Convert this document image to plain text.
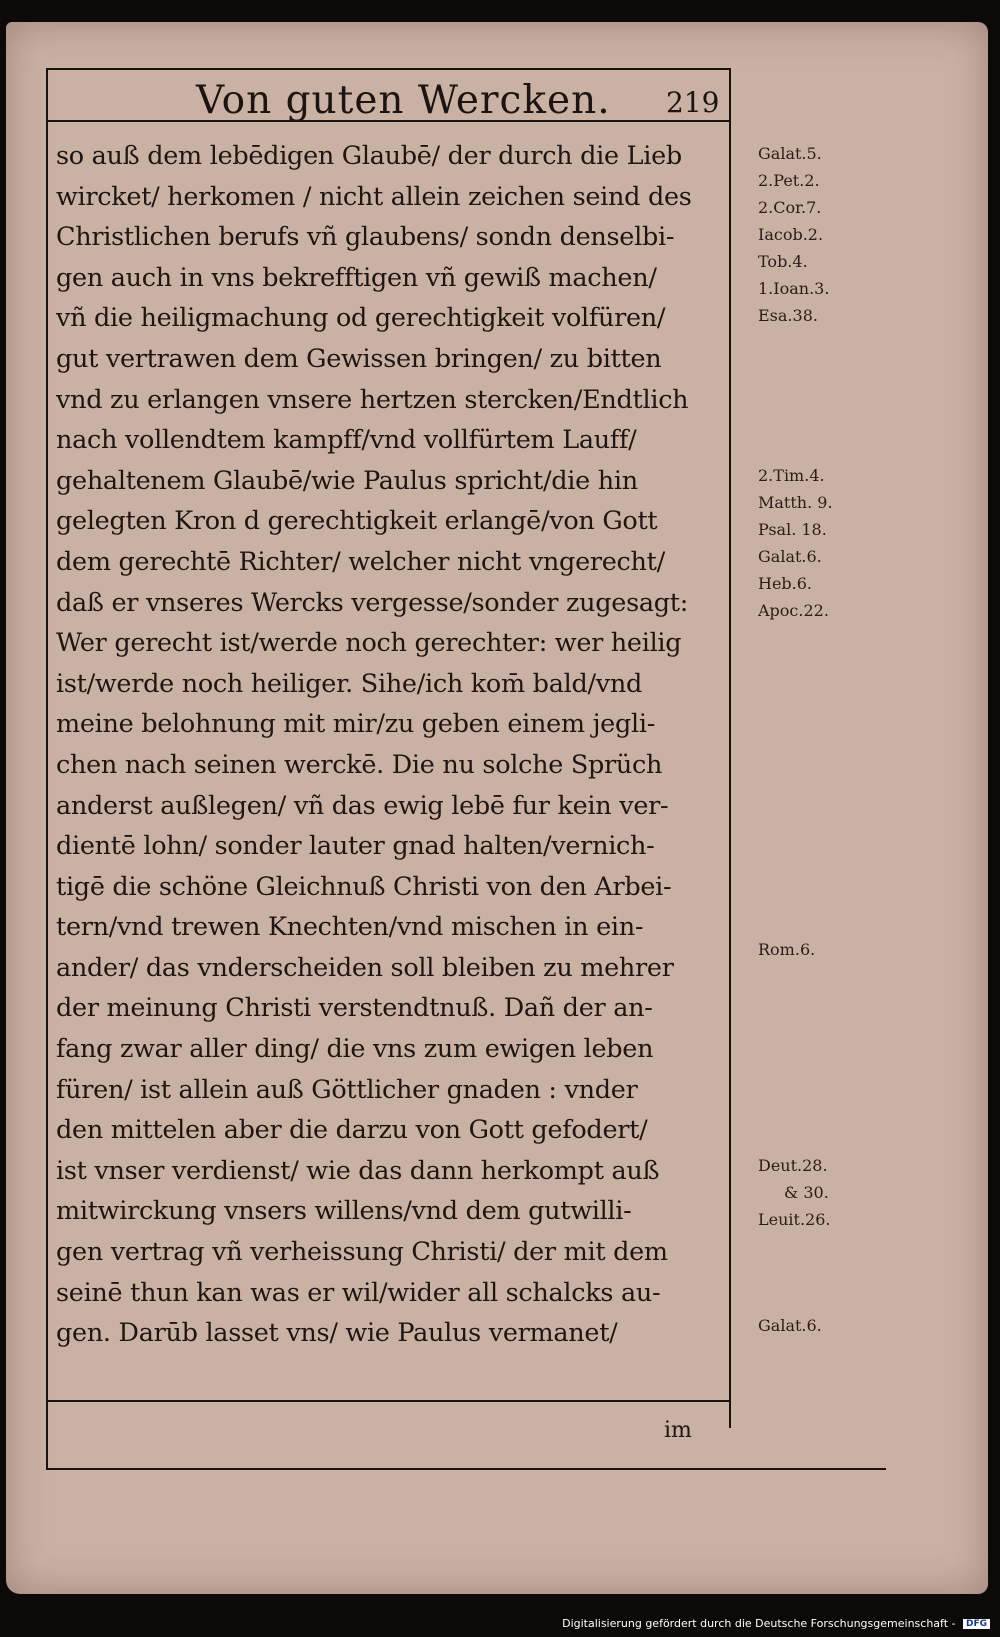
Von guten Wercken. 219
so auß dem lebēdigen Glaubē/ der durch die Lieb
wircket/ herkomen / nicht allein zeichen seind des
Christlichen berufs vñ glaubens/ sondn denselbi-
gen auch in vns bekrefftigen vñ gewiß machen/
vñ die heiligmachung od gerechtigkeit volfüren/
gut vertrawen dem Gewissen bringen/ zu bitten
vnd zu erlangen vnsere hertzen stercken/Endtlich
nach vollendtem kampff/vnd vollfürtem Lauff/
gehaltenem Glaubē/wie Paulus spricht/die hin
gelegten Kron d gerechtigkeit erlangē/von Gott
dem gerechtē Richter/ welcher nicht vngerecht/
daß er vnseres Wercks vergesse/sonder zugesagt:
Wer gerecht ist/werde noch gerechter: wer heilig
ist/werde noch heiliger. Sihe/ich kom̄ bald/vnd
meine belohnung mit mir/zu geben einem jegli-
chen nach seinen werckē. Die nu solche Sprüch
anderst außlegen/ vñ das ewig lebē fur kein ver-
dientē lohn/ sonder lauter gnad halten/vernich-
tigē die schöne Gleichnuß Christi von den Arbei-
tern/vnd trewen Knechten/vnd mischen in ein-
ander/ das vnderscheiden soll bleiben zu mehrer
der meinung Christi verstendtnuß. Dañ der an-
fang zwar aller ding/ die vns zum ewigen leben
füren/ ist allein auß Göttlicher gnaden : vnder
den mittelen aber die darzu von Gott gefodert/
ist vnser verdienst/ wie das dann herkompt auß
mitwirckung vnsers willens/vnd dem gutwilli-
gen vertrag vñ verheissung Christi/ der mit dem
seinē thun kan was er wil/wider all schalcks au-
gen. Darūb lasset vns/ wie Paulus vermanet/
im
Galat.5.
2.Pet.2.
2.Cor.7.
Iacob.2.
Tob.4.
1.Ioan.3.
Esa.38.
2.Tim.4.
Matth. 9.
Psal. 18.
Galat.6.
Heb.6.
Apoc.22.
Rom.6.
Deut.28.
& 30.
Leuit.26.
Galat.6.
Digitalisierung gefördert durch die Deutsche Forschungsgemeinschaft - DFG
